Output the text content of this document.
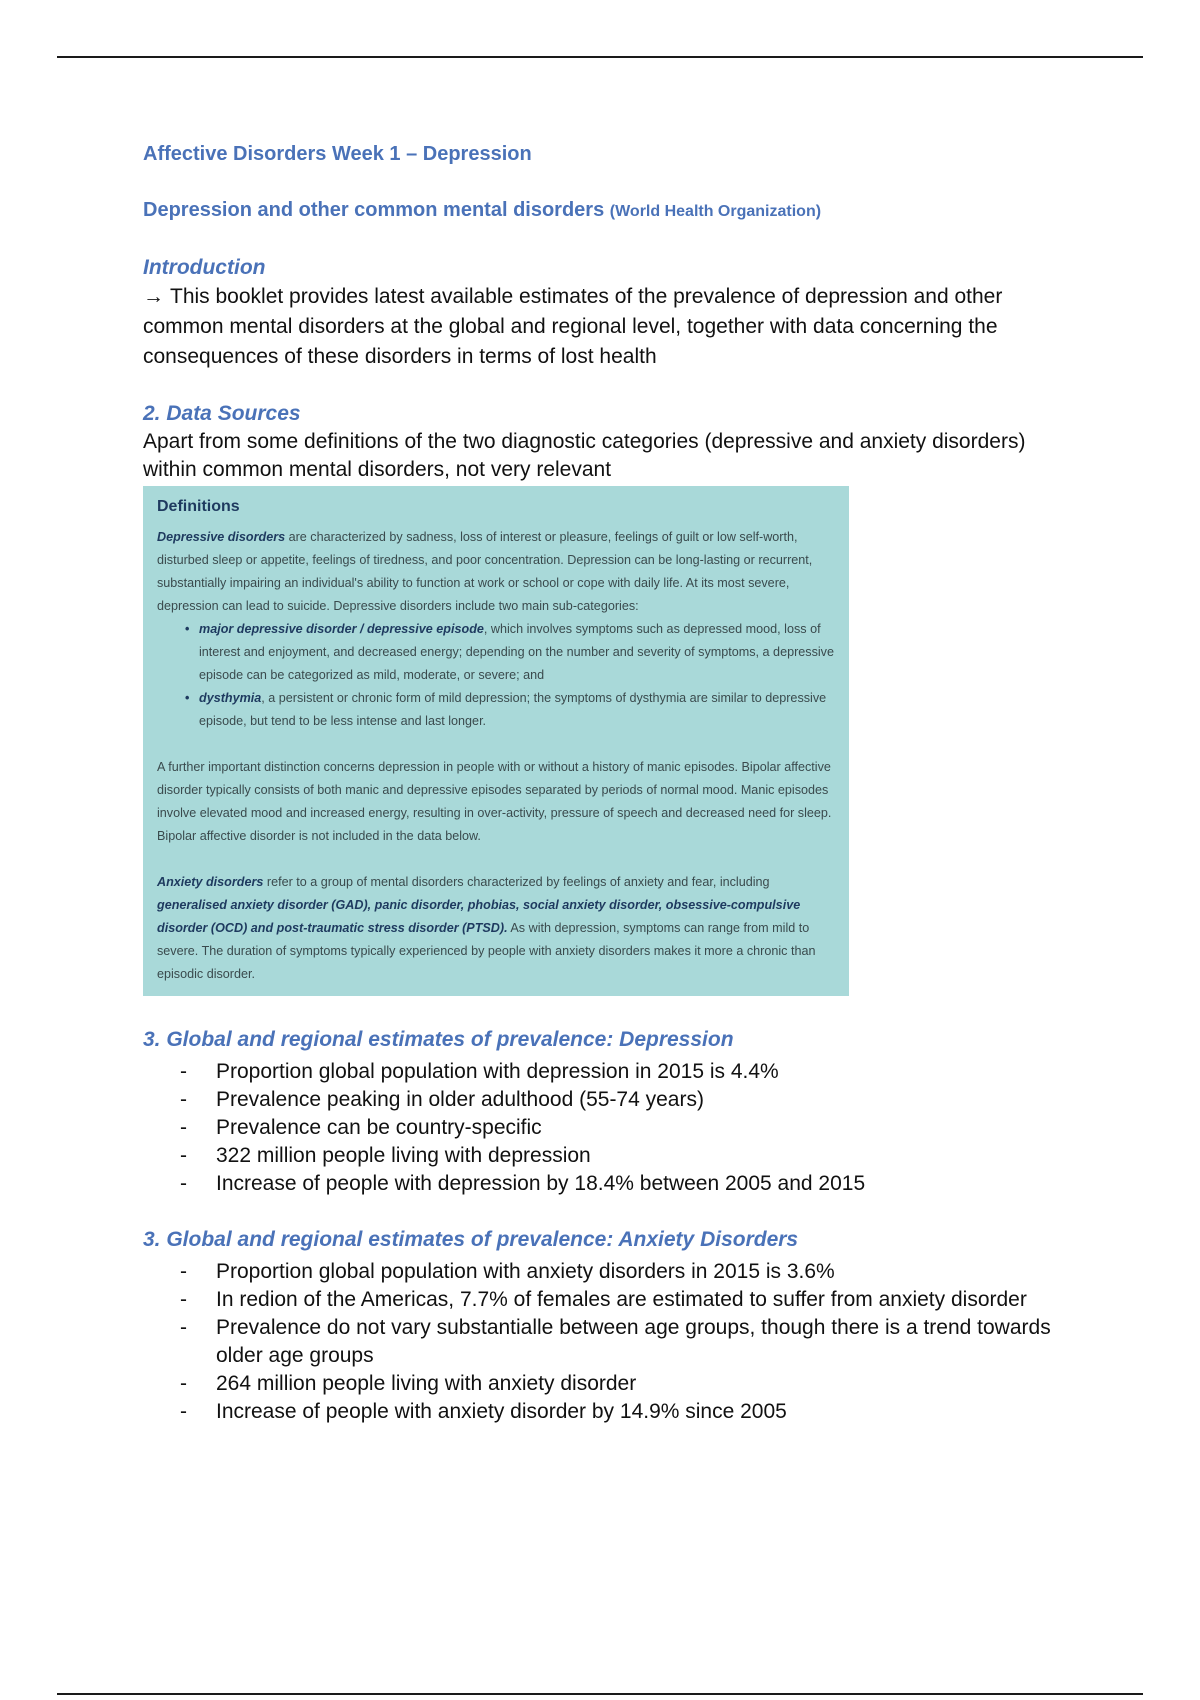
Affective Disorders Week 1 – Depression
Depression and other common mental disorders (World Health Organization)
Introduction

→ This booklet provides latest available estimates of the prevalence of depression and other common mental disorders at the global and regional level, together with data concerning the consequences of these disorders in terms of lost health

2. Data Sources

Apart from some definitions of the two diagnostic categories (depressive and anxiety disorders) within common mental disorders, not very relevant

Definitions
Depressive disorders are characterized by sadness, loss of interest or pleasure, feelings of guilt or low self-worth, disturbed sleep or appetite, feelings of tiredness, and poor concentration. Depression can be long-lasting or recurrent, substantially impairing an individual's ability to function at work or school or cope with daily life. At its most severe, depression can lead to suicide. Depressive disorders include two main sub-categories:
• major depressive disorder / depressive episode, which involves symptoms such as depressed mood, loss of interest and enjoyment, and decreased energy; depending on the number and severity of symptoms, a depressive episode can be categorized as mild, moderate, or severe; and
• dysthymia, a persistent or chronic form of mild depression; the symptoms of dysthymia are similar to depressive episode, but tend to be less intense and last longer.
A further important distinction concerns depression in people with or without a history of manic episodes. Bipolar affective disorder typically consists of both manic and depressive episodes separated by periods of normal mood. Manic episodes involve elevated mood and increased energy, resulting in over-activity, pressure of speech and decreased need for sleep. Bipolar affective disorder is not included in the data below.
Anxiety disorders refer to a group of mental disorders characterized by feelings of anxiety and fear, including generalised anxiety disorder (GAD), panic disorder, phobias, social anxiety disorder, obsessive-compulsive disorder (OCD) and post-traumatic stress disorder (PTSD). As with depression, symptoms can range from mild to severe. The duration of symptoms typically experienced by people with anxiety disorders makes it more a chronic than episodic disorder.
3. Global and regional estimates of prevalence: Depression
- Proportion global population with depression in 2015 is 4.4%
- Prevalence peaking in older adulthood (55-74 years)
- Prevalence can be country-specific
- 322 million people living with depression
- Increase of people with depression by 18.4% between 2005 and 2015
3. Global and regional estimates of prevalence: Anxiety Disorders
- Proportion global population with anxiety disorders in 2015 is 3.6%
- In redion of the Americas, 7.7% of females are estimated to suffer from anxiety disorder
- Prevalence do not vary substantialle between age groups, though there is a trend towards older age groups
- 264 million people living with anxiety disorder
- Increase of people with anxiety disorder by 14.9% since 2005
